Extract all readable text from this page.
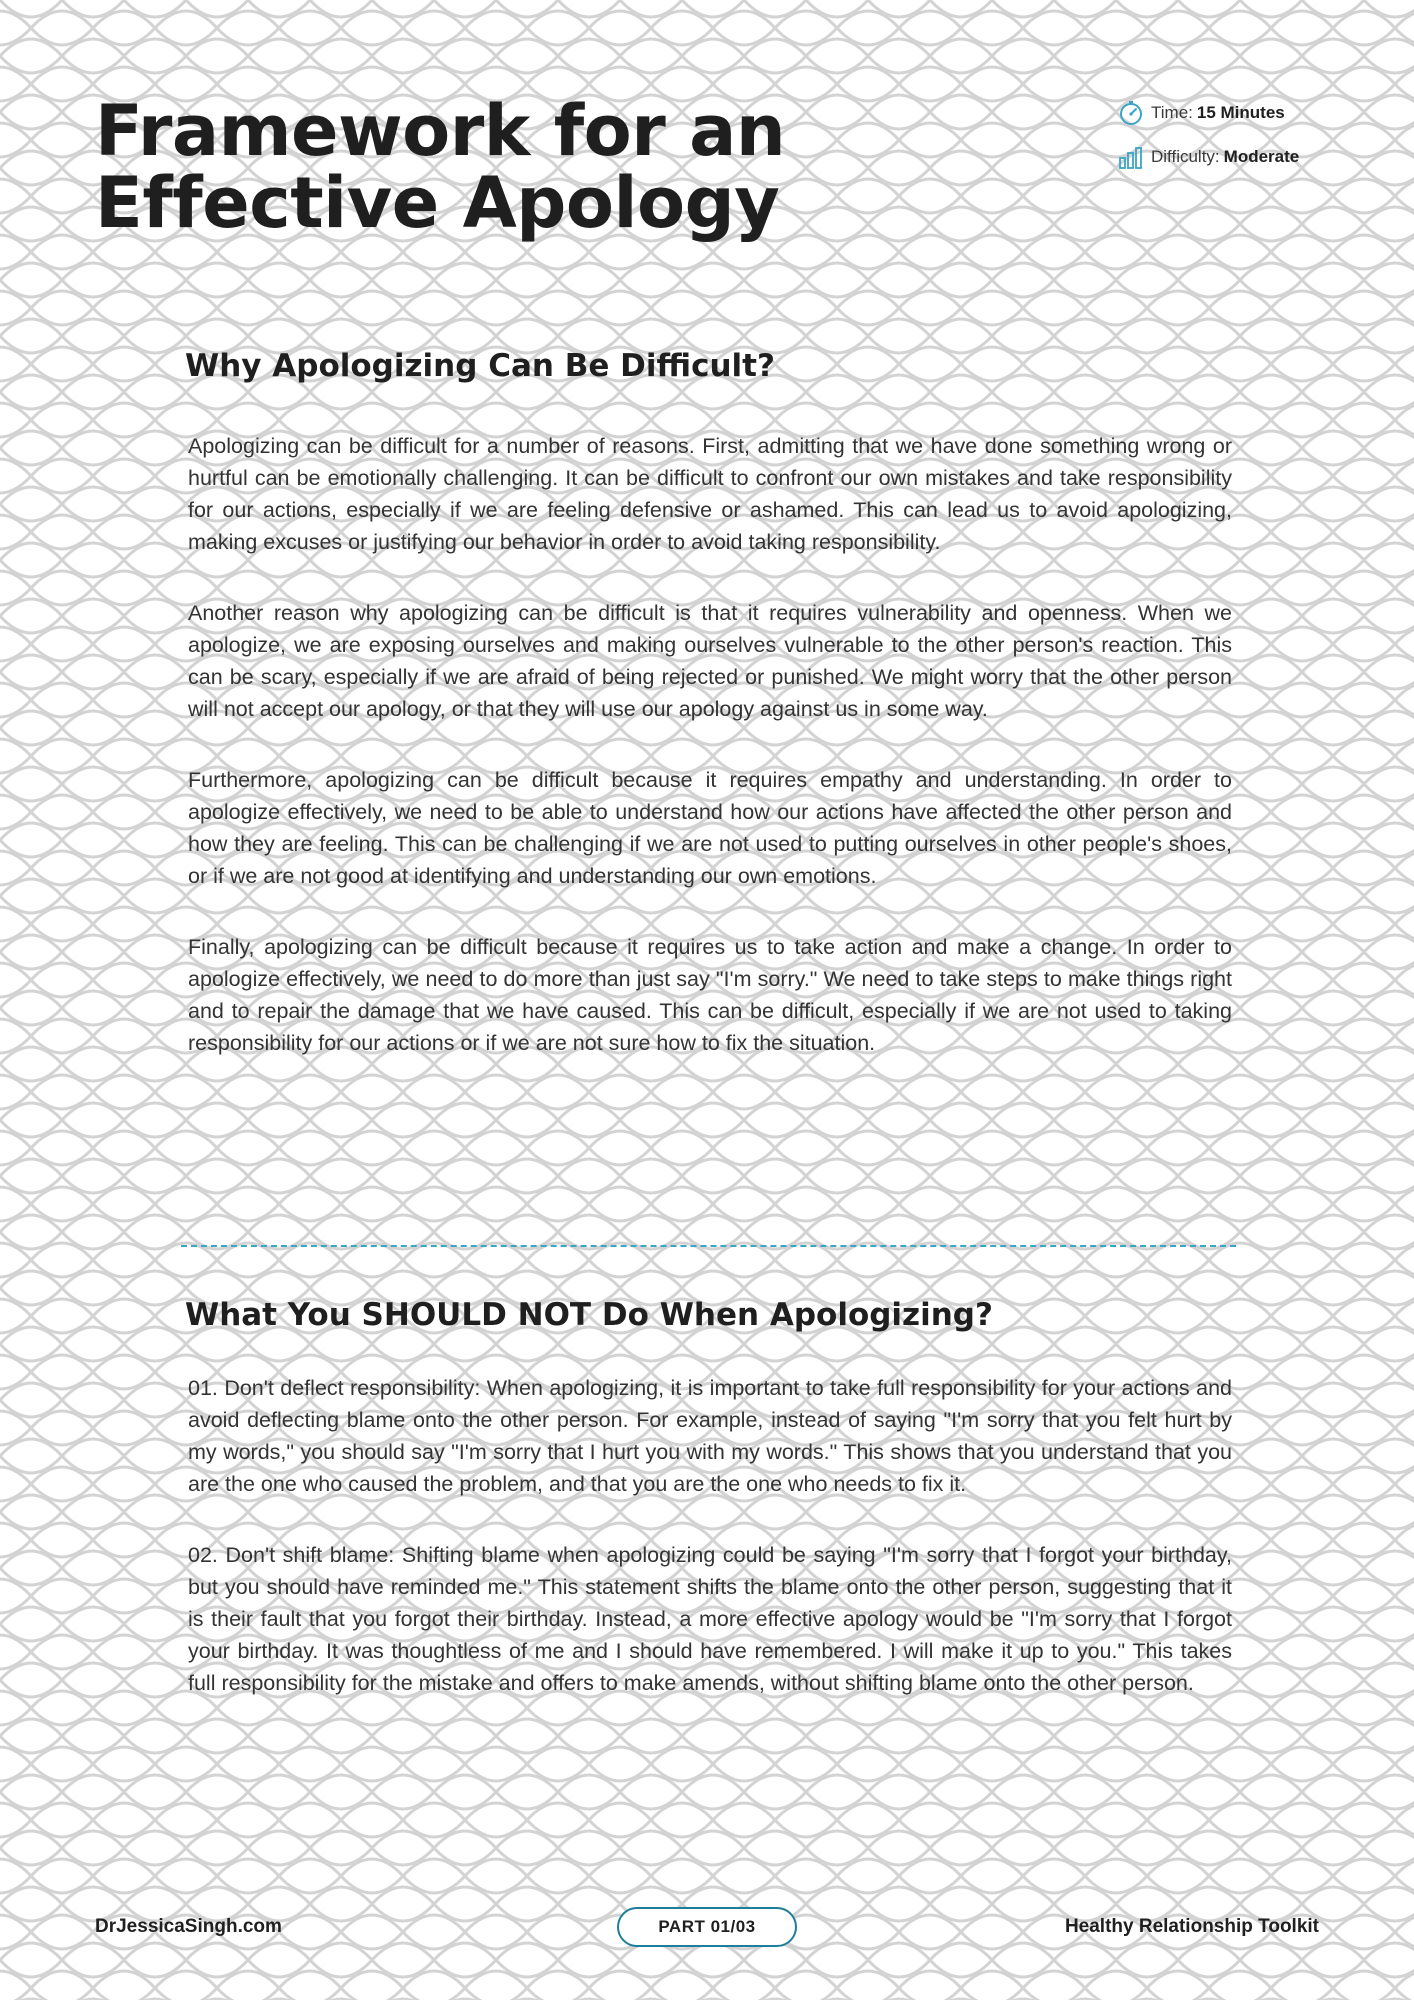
Framework for an
Effective Apology
Time: 15 Minutes
Difficulty: Moderate
Why Apologizing Can Be Difficult?

Apologizing can be difficult for a number of reasons. First, admitting that we have done something wrong or hurtful can be emotionally challenging. It can be difficult to confront our own mistakes and take responsibility for our actions, especially if we are feeling defensive or ashamed. This can lead us to avoid apologizing, making excuses or justifying our behavior in order to avoid taking responsibility.

Another reason why apologizing can be difficult is that it requires vulnerability and openness. When we apologize, we are exposing ourselves and making ourselves vulnerable to the other person's reaction. This can be scary, especially if we are afraid of being rejected or punished. We might worry that the other person will not accept our apology, or that they will use our apology against us in some way.

Furthermore, apologizing can be difficult because it requires empathy and understanding. In order to apologize effectively, we need to be able to understand how our actions have affected the other person and how they are feeling. This can be challenging if we are not used to putting ourselves in other people's shoes, or if we are not good at identifying and understanding our own emotions.

Finally, apologizing can be difficult because it requires us to take action and make a change. In order to apologize effectively, we need to do more than just say "I'm sorry." We need to take steps to make things right and to repair the damage that we have caused. This can be difficult, especially if we are not used to taking responsibility for our actions or if we are not sure how to fix the situation.

What You SHOULD NOT Do When Apologizing?

01. Don't deflect responsibility: When apologizing, it is important to take full responsibility for your actions and avoid deflecting blame onto the other person. For example, instead of saying "I'm sorry that you felt hurt by my words," you should say "I'm sorry that I hurt you with my words." This shows that you understand that you are the one who caused the problem, and that you are the one who needs to fix it.

02. Don't shift blame: Shifting blame when apologizing could be saying "I'm sorry that I forgot your birthday, but you should have reminded me." This statement shifts the blame onto the other person, suggesting that it is their fault that you forgot their birthday. Instead, a more effective apology would be "I'm sorry that I forgot your birthday. It was thoughtless of me and I should have remembered. I will make it up to you." This takes full responsibility for the mistake and offers to make amends, without shifting blame onto the other person.

DrJessicaSingh.com	PART 01/03	Healthy Relationship Toolkit
